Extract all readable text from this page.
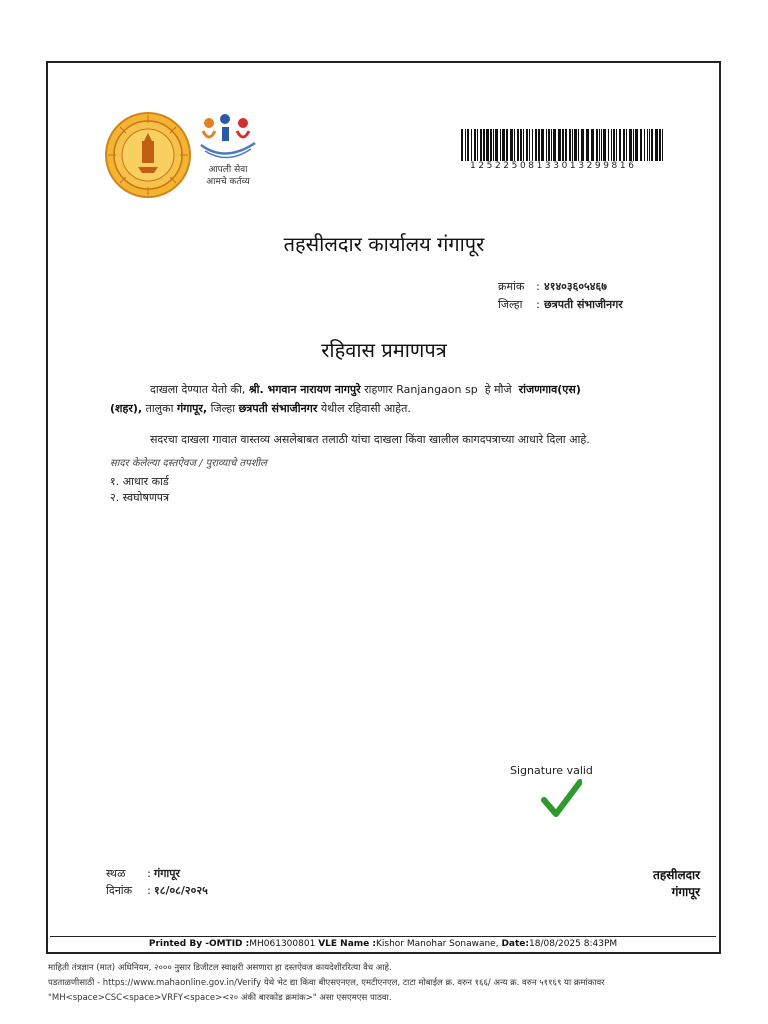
आपली सेवा
आमचे कर्तव्य
1252250813301329981​6
तहसीलदार कार्यालय गंगापूर
क्रमांक : ४१४०३६०५४६७
जिल्हा : छत्रपती संभाजीनगर
रहिवास प्रमाणपत्र
दाखला देण्यात येतो की, श्री. भगवान नारायण नागपुरे राहणार Ranjangaon sp हे मौजे रांजणगाव(एस)
(शहर), तालुका गंगापूर, जिल्हा छत्रपती संभाजीनगर येथील रहिवासी आहेत.
सदरचा दाखला गावात वास्तव्य असलेबाबत तलाठी यांचा दाखला किंवा खालील कागदपत्राच्या आधारे दिला आहे.
सादर केलेल्या दस्तऐवज / पुराव्याचे तपशील
१. आधार कार्ड
२. स्वघोषणपत्र
Signature valid
स्थळ : गंगापूर
दिनांक : १८/०८/२०२५
तहसीलदार
गंगापूर
Printed By -OMTID :MH061300801 VLE Name :Kishor Manohar Sonawane, Date:18/08/2025 8:43PM
माहिती तंत्रज्ञान (मात) अधिनियम, २००० नुसार डिजीटल स्वाक्षरी असणारा हा दस्तऐवज कायदेशीररित्या वैध आहे.
पडताळणीसाठी - https://www.mahaonline.gov.in/Verify येथे भेट द्या किंवा बीएसएनएल, एमटीएनएल, टाटा मोबाईल क्र. वरुन १६६/ अन्य क्र. वरुन ५११६९ या क्रमांकावर
"MH<space>CSC<space>VRFY<space><२० अंकी बारकोड क्रमांक>" असा एसएमएस पाठवा.
